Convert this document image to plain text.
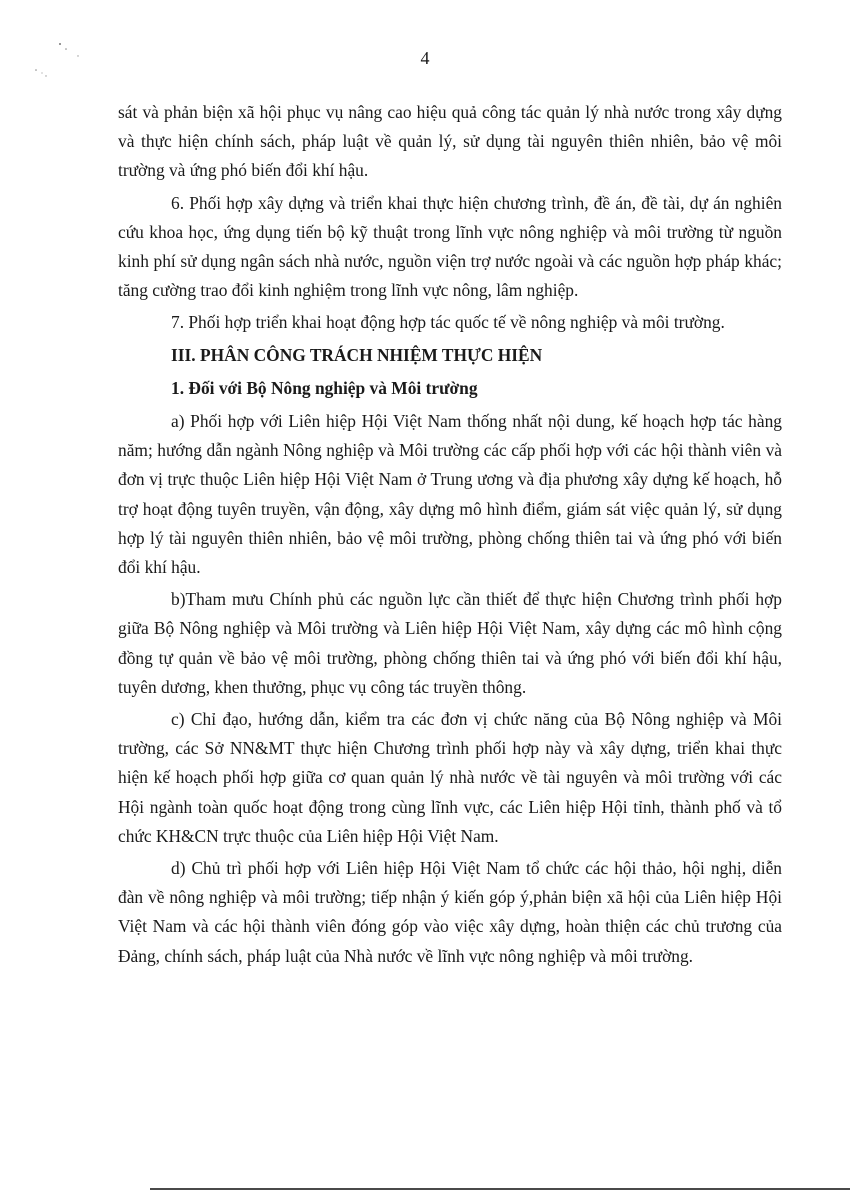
4

sát và phản biện xã hội phục vụ nâng cao hiệu quả công tác quản lý nhà nước trong xây dựng và thực hiện chính sách, pháp luật về quản lý, sử dụng tài nguyên thiên nhiên, bảo vệ môi trường và ứng phó biến đổi khí hậu.

6. Phối hợp xây dựng và triển khai thực hiện chương trình, đề án, đề tài, dự án nghiên cứu khoa học, ứng dụng tiến bộ kỹ thuật trong lĩnh vực nông nghiệp và môi trường từ nguồn kinh phí sử dụng ngân sách nhà nước, nguồn viện trợ nước ngoài và các nguồn hợp pháp khác; tăng cường trao đổi kinh nghiệm trong lĩnh vực nông, lâm nghiệp.

7. Phối hợp triển khai hoạt động hợp tác quốc tế về nông nghiệp và môi trường.

III. PHÂN CÔNG TRÁCH NHIỆM THỰC HIỆN

1. Đối với Bộ Nông nghiệp và Môi trường

a) Phối hợp với Liên hiệp Hội Việt Nam thống nhất nội dung, kế hoạch hợp tác hàng năm; hướng dẫn ngành Nông nghiệp và Môi trường các cấp phối hợp với các hội thành viên và đơn vị trực thuộc Liên hiệp Hội Việt Nam ở Trung ương và địa phương xây dựng kế hoạch, hỗ trợ hoạt động tuyên truyền, vận động, xây dựng mô hình điểm, giám sát việc quản lý, sử dụng hợp lý tài nguyên thiên nhiên, bảo vệ môi trường, phòng chống thiên tai và ứng phó với biến đổi khí hậu.

b)Tham mưu Chính phủ các nguồn lực cần thiết để thực hiện Chương trình phối hợp giữa Bộ Nông nghiệp và Môi trường và Liên hiệp Hội Việt Nam, xây dựng các mô hình cộng đồng tự quản về bảo vệ môi trường, phòng chống thiên tai và ứng phó với biến đổi khí hậu, tuyên dương, khen thưởng, phục vụ công tác truyền thông.

c) Chỉ đạo, hướng dẫn, kiểm tra các đơn vị chức năng của Bộ Nông nghiệp và Môi trường, các Sở NN&MT thực hiện Chương trình phối hợp này và xây dựng, triển khai thực hiện kế hoạch phối hợp giữa cơ quan quản lý nhà nước về tài nguyên và môi trường với các Hội ngành toàn quốc hoạt động trong cùng lĩnh vực, các Liên hiệp Hội tỉnh, thành phố và tổ chức KH&CN trực thuộc của Liên hiệp Hội Việt Nam.

d) Chủ trì phối hợp với Liên hiệp Hội Việt Nam tổ chức các hội thảo, hội nghị, diễn đàn về nông nghiệp và môi trường; tiếp nhận ý kiến góp ý,phản biện xã hội của Liên hiệp Hội Việt Nam và các hội thành viên đóng góp vào việc xây dựng, hoàn thiện các chủ trương của Đảng, chính sách, pháp luật của Nhà nước về lĩnh vực nông nghiệp và môi trường.
